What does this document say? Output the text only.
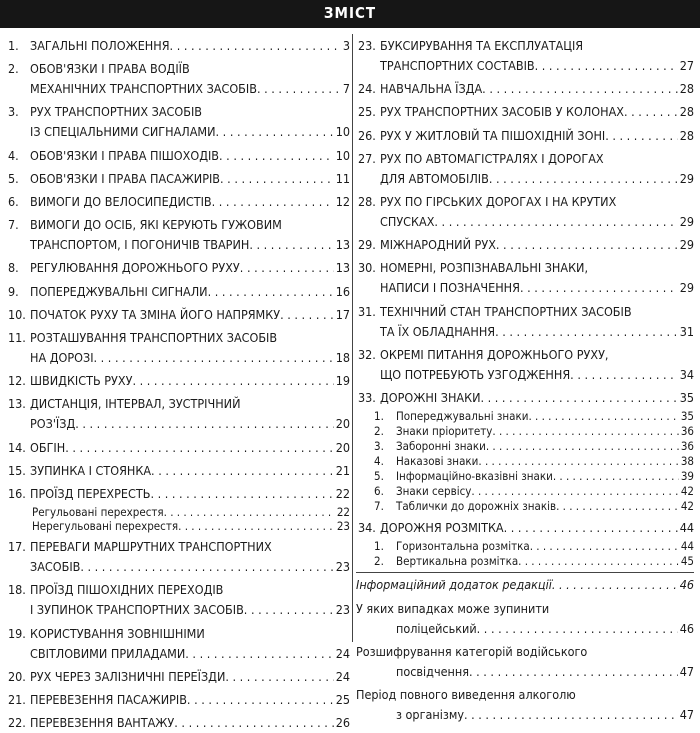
ЗМІСТ
1. ЗАГАЛЬНІ ПОЛОЖЕННЯ . . .	3
2. ОБОВ'ЯЗКИ І ПРАВА ВОДІЇВ
МЕХАНІЧНИХ ТРАНСПОРТНИХ ЗАСОБІВ . . .	7
3. РУХ ТРАНСПОРТНИХ ЗАСОБІВ
ІЗ СПЕЦІАЛЬНИМИ СИГНАЛАМИ . . .	10
4. ОБОВ'ЯЗКИ І ПРАВА ПІШОХОДІВ . . .	10
5. ОБОВ'ЯЗКИ І ПРАВА ПАСАЖИРІВ . . .	11
6. ВИМОГИ ДО ВЕЛОСИПЕДИСТІВ . . .	12
7. ВИМОГИ ДО ОСІБ, ЯКІ КЕРУЮТЬ ГУЖОВИМ
ТРАНСПОРТОМ, І ПОГОНИЧІВ ТВАРИН . . .	13
8. РЕГУЛЮВАННЯ ДОРОЖНЬОГО РУХУ . . .	13
9. ПОПЕРЕДЖУВАЛЬНІ СИГНАЛИ . . .	16
10. ПОЧАТОК РУХУ ТА ЗМІНА ЙОГО НАПРЯМКУ . . .	17
11. РОЗТАШУВАННЯ ТРАНСПОРТНИХ ЗАСОБІВ
НА ДОРОЗІ . . .	18
12. ШВИДКІСТЬ РУХУ . . .	19
13. ДИСТАНЦІЯ, ІНТЕРВАЛ, ЗУСТРІЧНИЙ
РОЗ'ЇЗД . . .	20
14. ОБГІН . . .	20
15. ЗУПИНКА І СТОЯНКА . . .	21
16. ПРОЇЗД ПЕРЕХРЕСТЬ . . .	22
Регульовані перехрестя . . .	22
Нерегульовані перехрестя . . .	23
17. ПЕРЕВАГИ МАРШРУТНИХ ТРАНСПОРТНИХ
ЗАСОБІВ . . .	23
18. ПРОЇЗД ПІШОХІДНИХ ПЕРЕХОДІВ
І ЗУПИНОК ТРАНСПОРТНИХ ЗАСОБІВ . . .	23
19. КОРИСТУВАННЯ ЗОВНІШНІМИ
СВІТЛОВИМИ ПРИЛАДАМИ . . .	24
20. РУХ ЧЕРЕЗ ЗАЛІЗНИЧНІ ПЕРЕЇЗДИ . . .	24
21. ПЕРЕВЕЗЕННЯ ПАСАЖИРІВ . . .	25
22. ПЕРЕВЕЗЕННЯ ВАНТАЖУ . . .	26
23. БУКСИРУВАННЯ ТА ЕКСПЛУАТАЦІЯ
ТРАНСПОРТНИХ СОСТАВІВ . . .	27
24. НАВЧАЛЬНА ЇЗДА . . .	28
25. РУХ ТРАНСПОРТНИХ ЗАСОБІВ У КОЛОНАХ . . .	28
26. РУХ У ЖИТЛОВІЙ ТА ПІШОХІДНІЙ ЗОНІ . . .	28
27. РУХ ПО АВТОМАГІСТРАЛЯХ І ДОРОГАХ
ДЛЯ АВТОМОБІЛІВ . . .	29
28. РУХ ПО ГІРСЬКИХ ДОРОГАХ І НА КРУТИХ
СПУСКАХ . . .	29
29. МІЖНАРОДНИЙ РУХ . . .	29
30. НОМЕРНІ, РОЗПІЗНАВАЛЬНІ ЗНАКИ,
НАПИСИ І ПОЗНАЧЕННЯ . . .	29
31. ТЕХНІЧНИЙ СТАН ТРАНСПОРТНИХ ЗАСОБІВ
ТА ЇХ ОБЛАДНАННЯ . . .	31
32. ОКРЕМІ ПИТАННЯ ДОРОЖНЬОГО РУХУ,
ЩО ПОТРЕБУЮТЬ УЗГОДЖЕННЯ . . .	34
33. ДОРОЖНІ ЗНАКИ . . .	35
1.	Попереджувальні знаки . . .	35
2.	Знаки пріоритету . . .	36
3.	Заборонні знаки . . .	36
4.	Наказові знаки . . .	38
5.	Інформаційно-вказівні знаки . . .	39
6.	Знаки сервісу . . .	42
7.	Таблички до дорожніх знаків . . .	42
34. ДОРОЖНЯ РОЗМІТКА . . .	44
1.	Горизонтальна розмітка . . .	44
2.	Вертикальна розмітка . . .	45
Інформаційний додаток редакції . . .	46
У яких випадках може зупинити
поліцейський . . .	46
Розшифрування категорій водійського
посвідчення . . .	47
Період повного виведення алкоголю
з організму . . .	47
